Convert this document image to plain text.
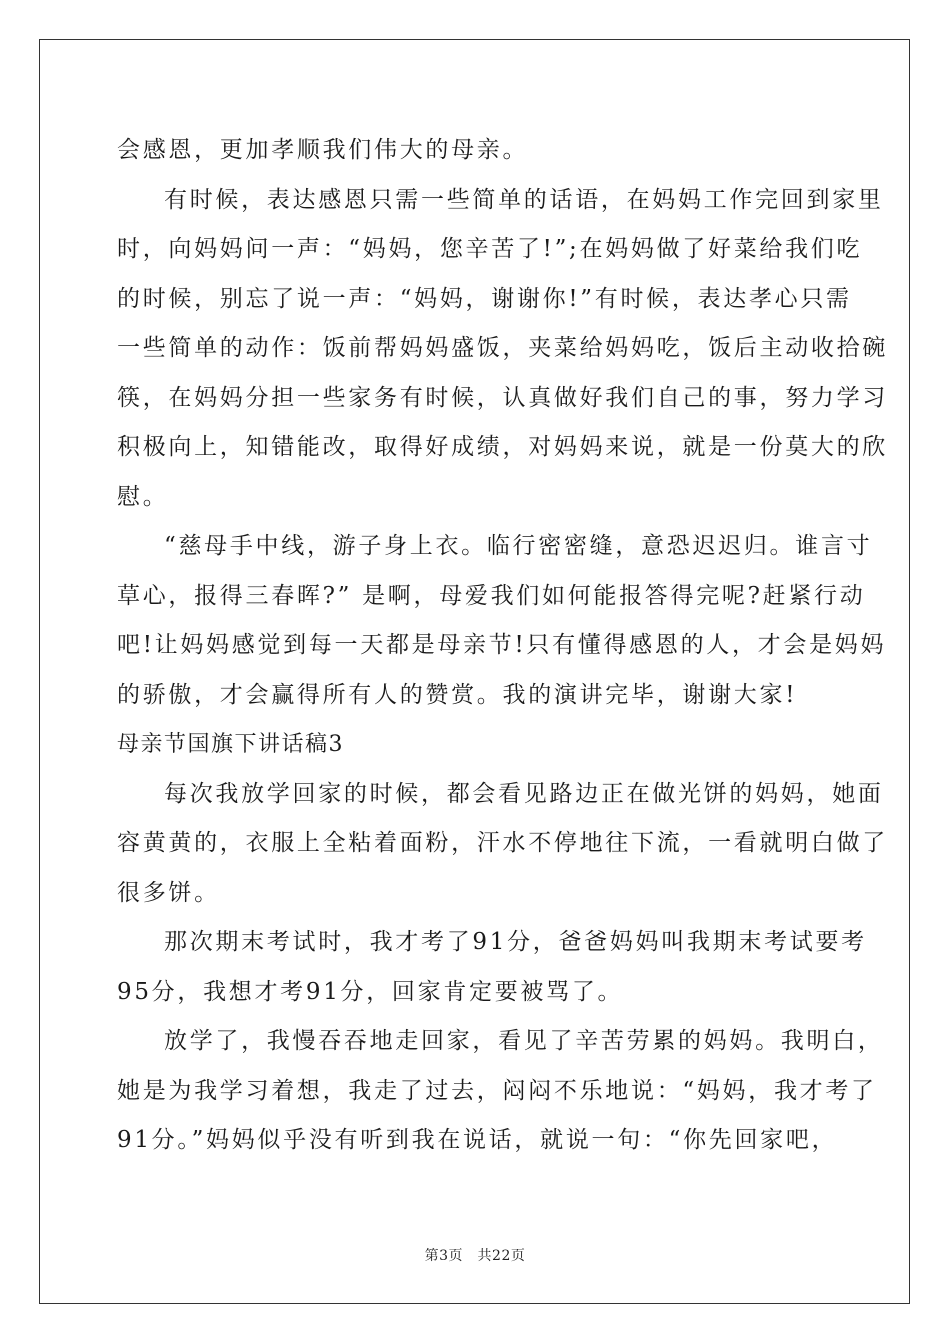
会感恩，更加孝顺我们伟大的母亲。
有时候，表达感恩只需一些简单的话语，在妈妈工作完回到家里
时，向妈妈问一声：“妈妈，您辛苦了!”;在妈妈做了好菜给我们吃
的时候，别忘了说一声：“妈妈，谢谢你!”有时候，表达孝心只需
一些简单的动作：饭前帮妈妈盛饭，夹菜给妈妈吃，饭后主动收拾碗
筷，在妈妈分担一些家务有时候，认真做好我们自己的事，努力学习
积极向上，知错能改，取得好成绩，对妈妈来说，就是一份莫大的欣
慰。
“慈母手中线，游子身上衣。临行密密缝，意恐迟迟归。谁言寸
草心，报得三春晖?” 是啊，母爱我们如何能报答得完呢?赶紧行动
吧!让妈妈感觉到每一天都是母亲节!只有懂得感恩的人，才会是妈妈
的骄傲，才会赢得所有人的赞赏。我的演讲完毕，谢谢大家!
母亲节国旗下讲话稿3
每次我放学回家的时候，都会看见路边正在做光饼的妈妈，她面
容黄黄的，衣服上全粘着面粉，汗水不停地往下流，一看就明白做了
很多饼。
那次期末考试时，我才考了91分，爸爸妈妈叫我期末考试要考
95分，我想才考91分，回家肯定要被骂了。
放学了，我慢吞吞地走回家，看见了辛苦劳累的妈妈。我明白，
她是为我学习着想，我走了过去，闷闷不乐地说：“妈妈，我才考了
91分。”妈妈似乎没有听到我在说话，就说一句：“你先回家吧，
第3页　共22页
